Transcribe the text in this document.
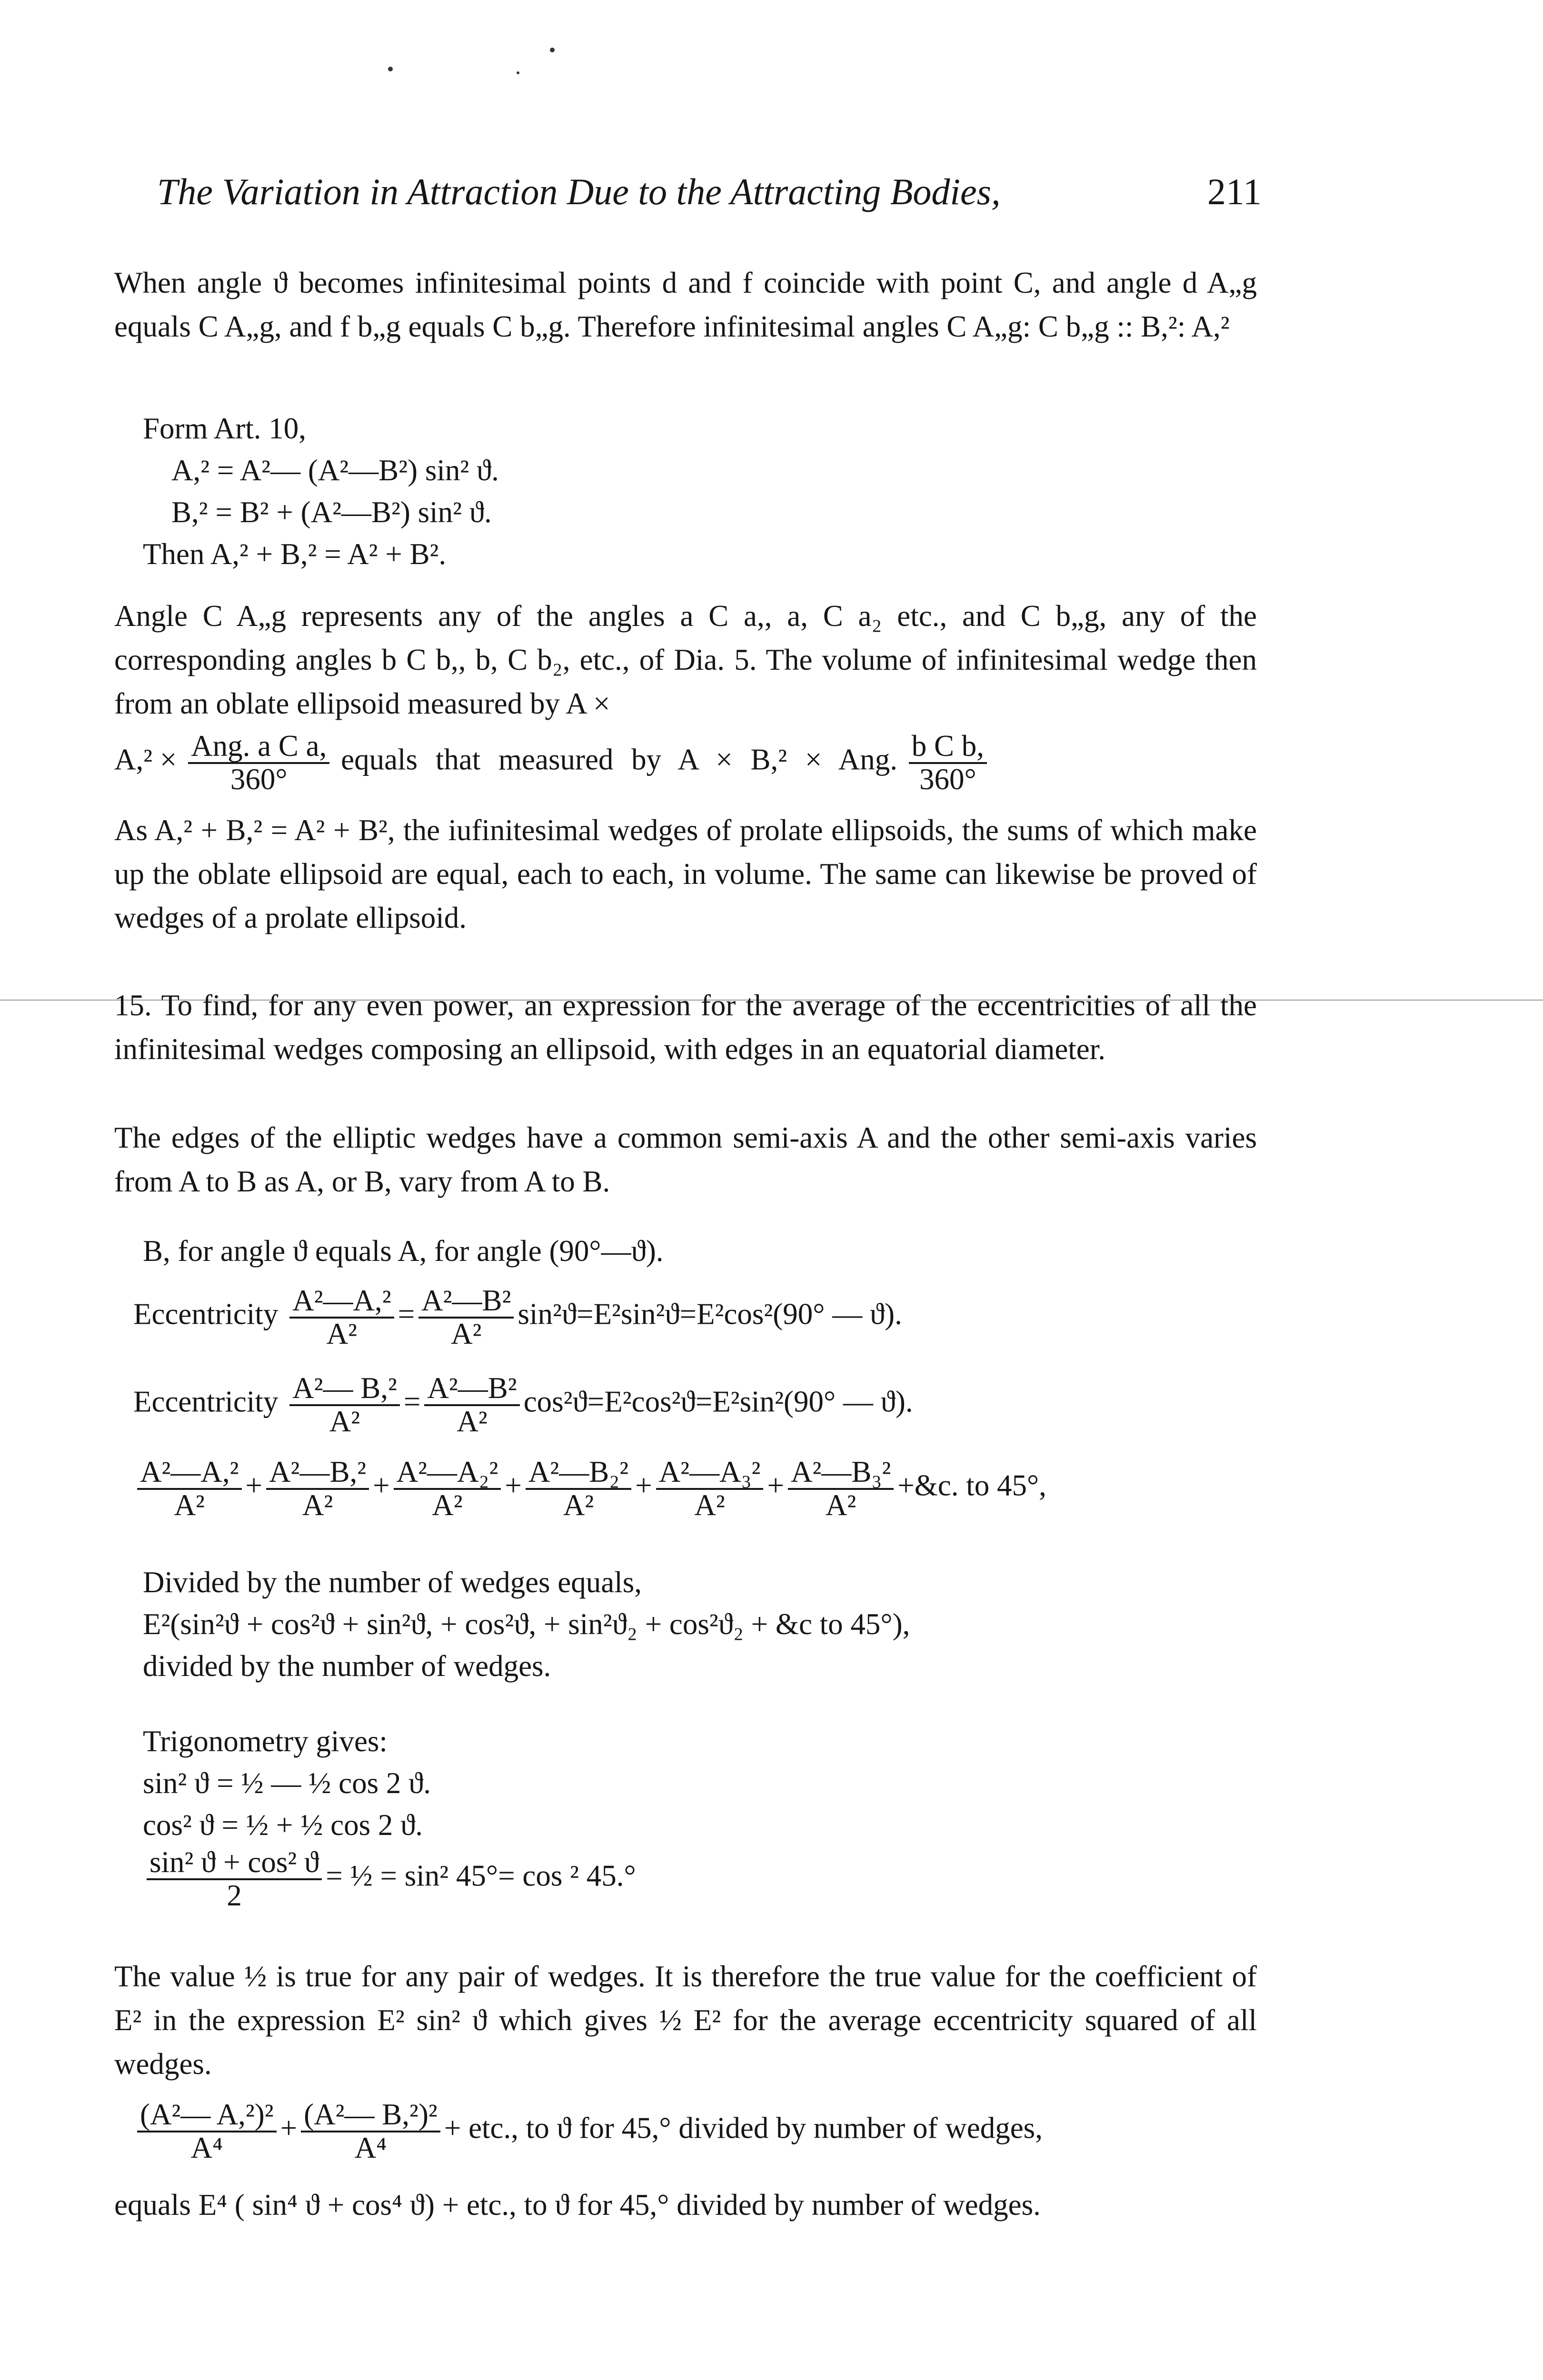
The Variation in Attraction Due to the Attracting Bodies,	211
When angle ϑ becomes infinitesimal points d and f coincide with point C, and angle d A„g equals C A„g, and f b„g equals C b„g. Therefore infinitesimal angles C A„g: C b„g :: B,²: A,²
Form Art. 10,
A,² = A²— (A²—B²) sin² ϑ.
B,² = B² + (A²—B²) sin² ϑ.
Then A,² + B,² = A² + B².
Angle C A„g represents any of the angles a C a,, a, C a₂ etc., and C b„g, any of the corresponding angles b C b,, b, C b₂, etc., of Dia. 5. The volume of infinitesimal wedge then from an oblate ellipsoid measured by A ×
$A,^2 \times \frac{\text{Ang. a C a,}}{360^\circ}$ equals that measured by A × B,² × Ang. $\frac{\text{b C b,}}{360^\circ}$
As A,² + B,² = A² + B², the iufinitesimal wedges of prolate ellipsoids, the sums of which make up the oblate ellipsoid are equal, each to each, in volume. The same can likewise be proved of wedges of a prolate ellipsoid.
15. To find, for any even power, an expression for the average of the eccentricities of all the infinitesimal wedges composing an ellipsoid, with edges in an equatorial diameter.
The edges of the elliptic wedges have a common semi-axis A and the other semi-axis varies from A to B as A, or B, vary from A to B.
B, for angle ϑ equals A, for angle (90°—ϑ).
Eccentricity $\frac{\text{A²—A,²}}{\text{A²}} = \frac{\text{A²—B²}}{\text{A²}} \sin^2ϑ=E^2\sin^2ϑ=E^2\cos^2(90^\circ$ — ϑ).
Eccentricity $\frac{\text{A²— B,²}}{\text{A²}} = \frac{\text{A²—B²}}{\text{A²}} \cos^2ϑ=E^2\cos^2ϑ=E^2\sin^2(90^\circ$ — ϑ).
$\frac{\text{A²—A,²}}{\text{A²}} + \frac{\text{A²—B,²}}{\text{A²}} + \frac{\text{A²—A₂²}}{\text{A²}} + \frac{\text{A²—B₂²}}{\text{A²}} + \frac{\text{A²—A₃²}}{\text{A²}} + \frac{\text{A²—B₃²}}{\text{A²}}$ +&c. to 45°,
Divided by the number of wedges equals,
E²(sin²ϑ + cos²ϑ + sin²ϑ, + cos²ϑ, + sin²ϑ₂ + cos²ϑ₂ + &c to 45°),
divided by the number of wedges.
Trigonometry gives:
sin² ϑ = ½ — ½ cos 2 ϑ.
cos² ϑ = ½ + ½ cos 2 ϑ.
$\frac{\text{sin² ϑ + cos² ϑ}}{2}$ = ½ = sin² 45°= cos ² 45.°
The value ½ is true for any pair of wedges. It is therefore the true value for the coefficient of E² in the expression E² sin² ϑ which gives ½ E² for the average eccentricity squared of all wedges.
$\frac{\text{(A²— A,²)²}}{\text{A⁴}} + \frac{\text{(A²— B,²)²}}{\text{A⁴}}$ + etc., to ϑ for 45,° divided by number of wedges,
equals E⁴ ( sin⁴ ϑ + cos⁴ ϑ) + etc., to ϑ for 45,° divided by number of wedges.
